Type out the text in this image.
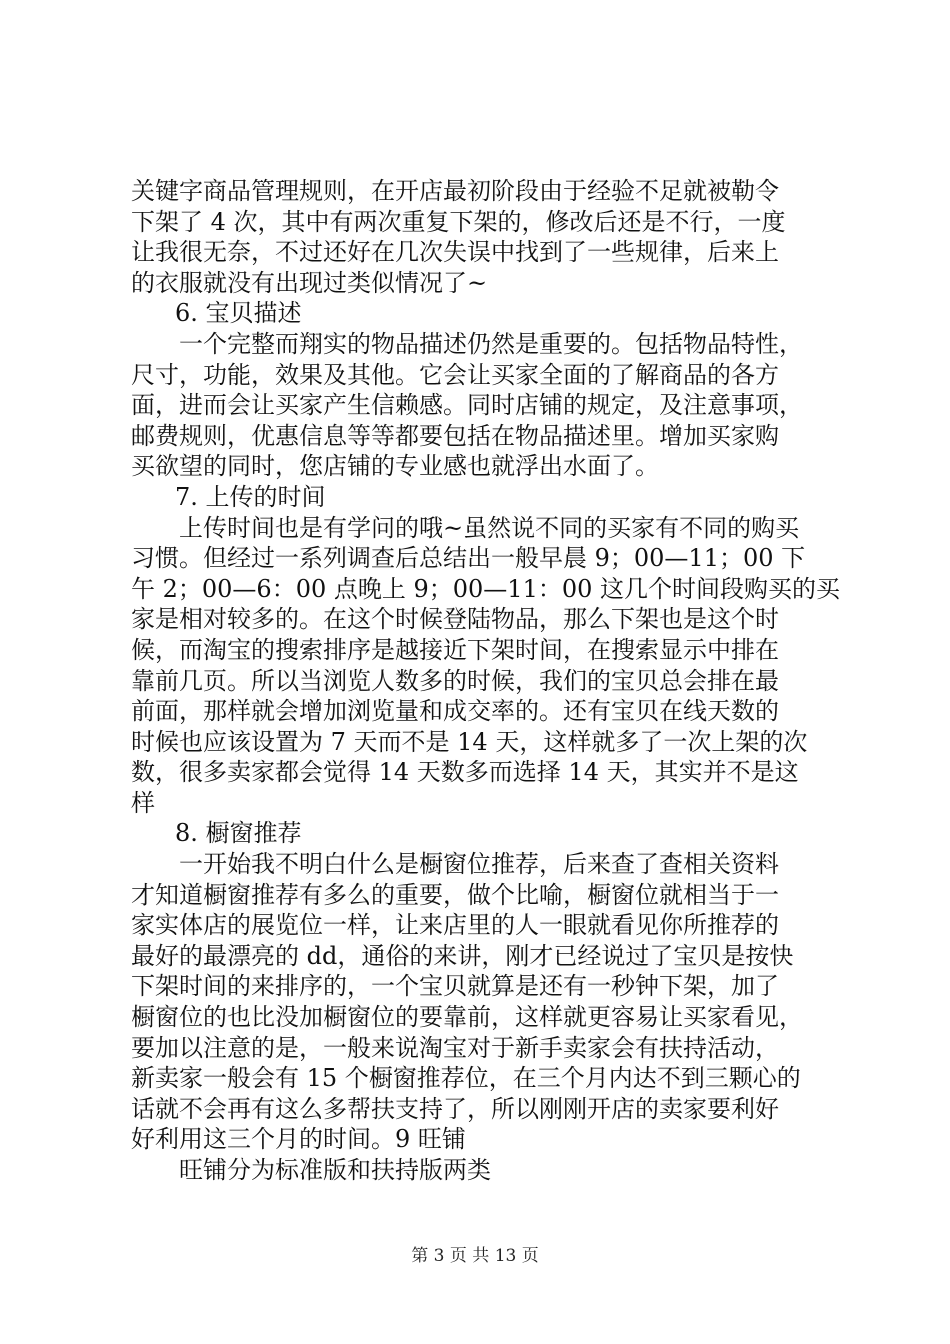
关键字商品管理规则，在开店最初阶段由于经验不足就被勒令
下架了 4 次，其中有两次重复下架的，修改后还是不行，一度
让我很无奈，不过还好在几次失误中找到了一些规律，后来上
的衣服就没有出现过类似情况了~
6. 宝贝描述
一个完整而翔实的物品描述仍然是重要的。包括物品特性，
尺寸，功能，效果及其他。它会让买家全面的了解商品的各方
面，进而会让买家产生信赖感。同时店铺的规定，及注意事项，
邮费规则，优惠信息等等都要包括在物品描述里。增加买家购
买欲望的同时，您店铺的专业感也就浮出水面了。
7. 上传的时间
上传时间也是有学问的哦~虽然说不同的买家有不同的购买
习惯。但经过一系列调查后总结出一般早晨 9；00—11；00 下
午 2；00—6：00 点晚上 9；00—11：00 这几个时间段购买的买
家是相对较多的。在这个时候登陆物品，那么下架也是这个时
候，而淘宝的搜索排序是越接近下架时间，在搜索显示中排在
靠前几页。所以当浏览人数多的时候，我们的宝贝总会排在最
前面，那样就会增加浏览量和成交率的。还有宝贝在线天数的
时候也应该设置为 7 天而不是 14 天，这样就多了一次上架的次
数，很多卖家都会觉得 14 天数多而选择 14 天，其实并不是这
样
8. 橱窗推荐
一开始我不明白什么是橱窗位推荐，后来查了查相关资料
才知道橱窗推荐有多么的重要，做个比喻，橱窗位就相当于一
家实体店的展览位一样，让来店里的人一眼就看见你所推荐的
最好的最漂亮的 dd，通俗的来讲，刚才已经说过了宝贝是按快
下架时间的来排序的，一个宝贝就算是还有一秒钟下架，加了
橱窗位的也比没加橱窗位的要靠前，这样就更容易让买家看见，
要加以注意的是，一般来说淘宝对于新手卖家会有扶持活动，
新卖家一般会有 15 个橱窗推荐位，在三个月内达不到三颗心的
话就不会再有这么多帮扶支持了，所以刚刚开店的卖家要利好
好利用这三个月的时间。9 旺铺
旺铺分为标准版和扶持版两类
第 3 页 共 13 页
